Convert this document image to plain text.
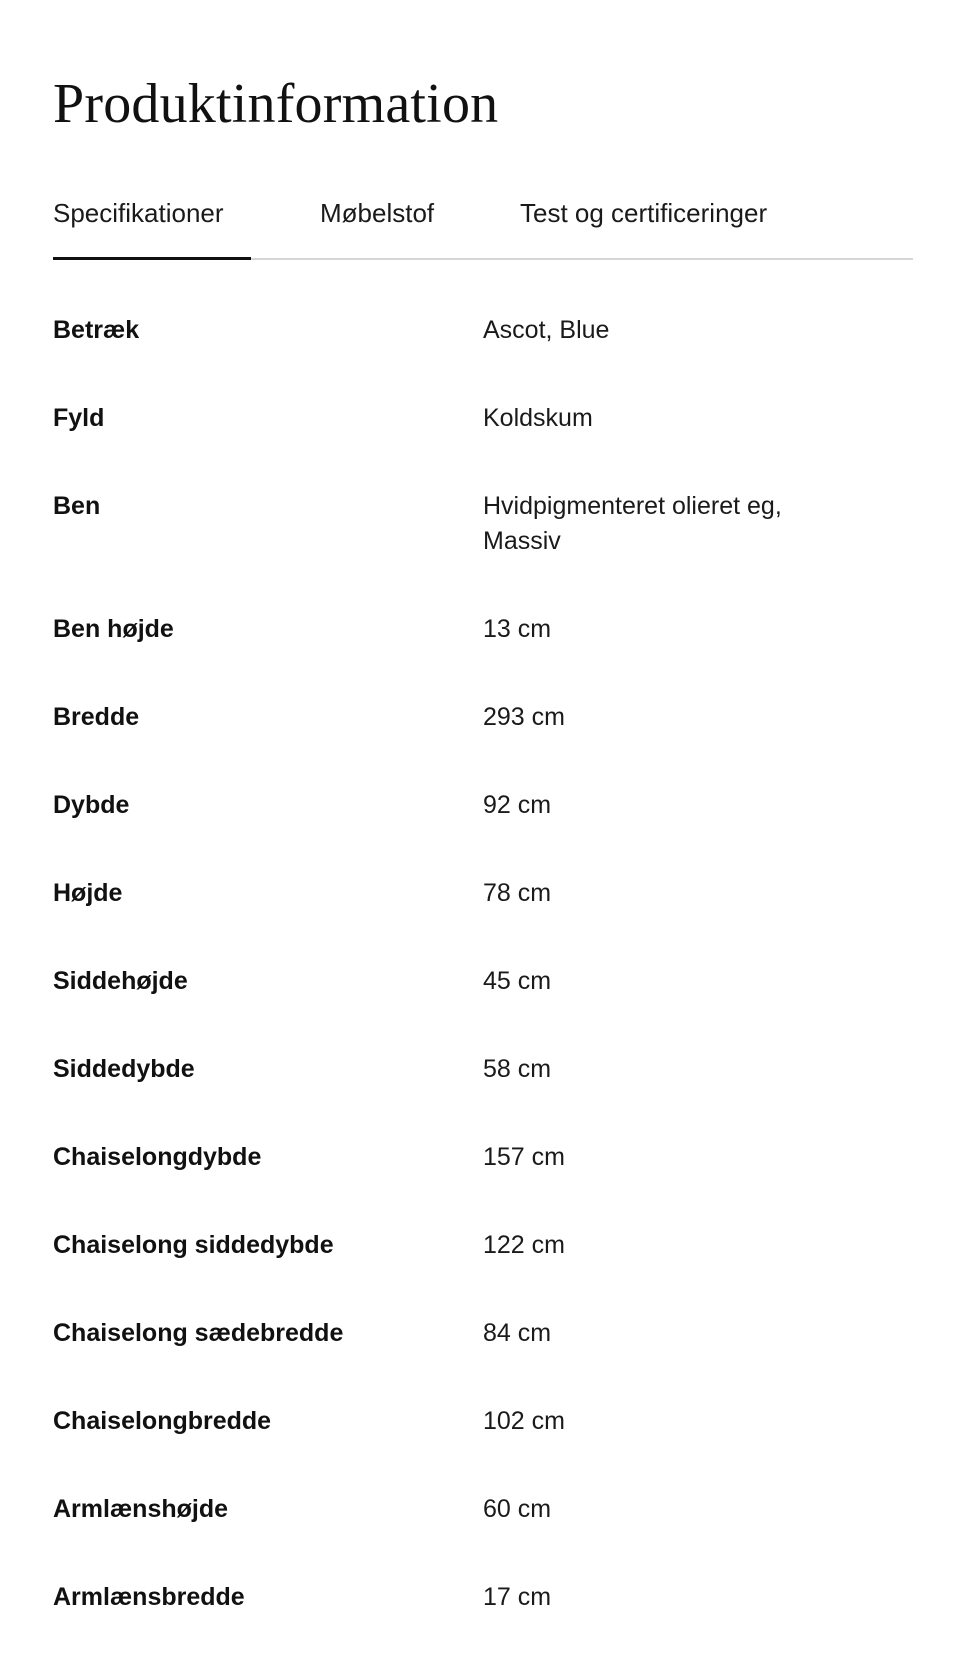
Produktinformation
Specifikationer	Møbelstof	Test og certificeringer
Betræk	Ascot, Blue
Fyld	Koldskum
Ben	Hvidpigmenteret olieret eg,
Massiv
Ben højde	13 cm
Bredde	293 cm
Dybde	92 cm
Højde	78 cm
Siddehøjde	45 cm
Siddedybde	58 cm
Chaiselongdybde	157 cm
Chaiselong siddedybde	122 cm
Chaiselong sædebredde	84 cm
Chaiselongbredde	102 cm
Armlænshøjde	60 cm
Armlænsbredde	17 cm
